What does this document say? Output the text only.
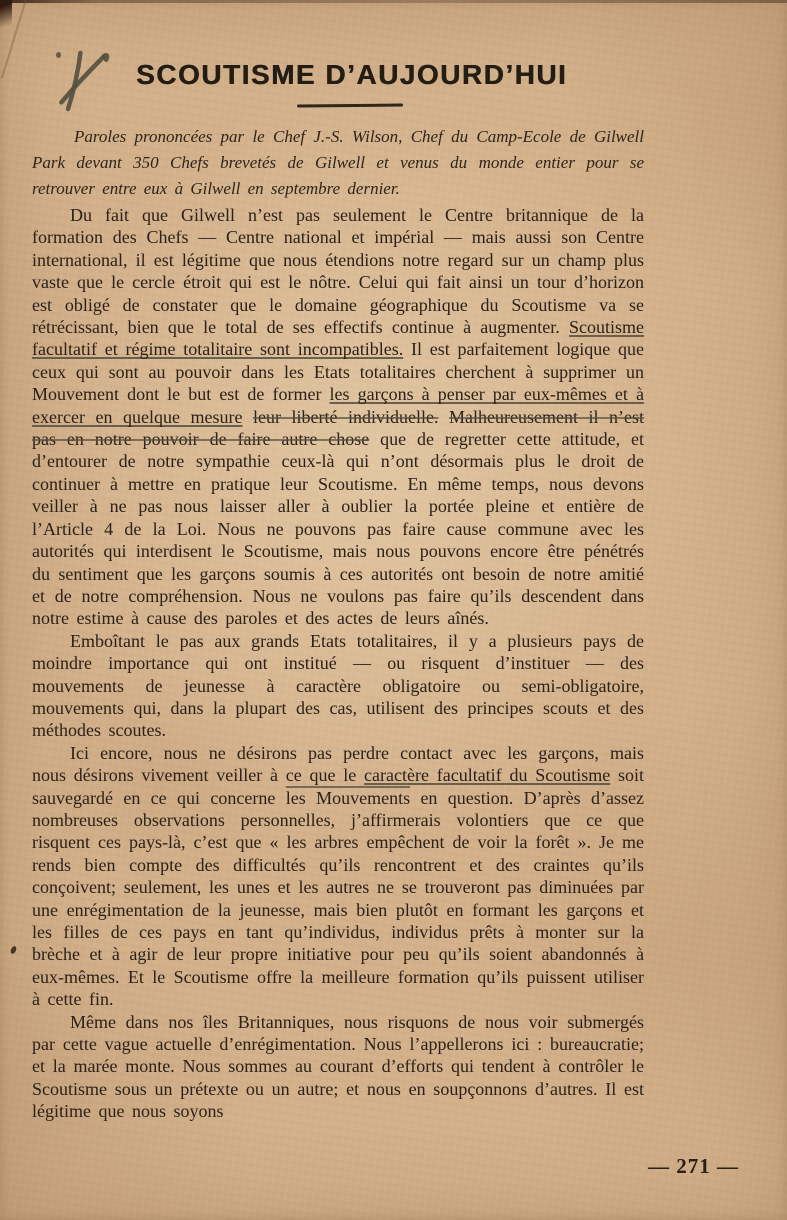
SCOUTISME D’AUJOURD’HUI

Paroles prononcées par le Chef J.-S. Wilson, Chef du Camp-Ecole de Gilwell Park devant 350 Chefs brevetés de Gilwell et venus du monde entier pour se retrouver entre eux à Gilwell en septembre dernier.

Du fait que Gilwell n’est pas seulement le Centre britannique de la formation des Chefs — Centre national et impérial — mais aussi son Centre international, il est légitime que nous étendions notre regard sur un champ plus vaste que le cercle étroit qui est le nôtre. Celui qui fait ainsi un tour d’horizon est obligé de constater que le domaine géographique du Scoutisme va se rétrécissant, bien que le total de ses effectifs continue à augmenter. Scoutisme facultatif et régime totalitaire sont incompatibles. Il est parfaitement logique que ceux qui sont au pouvoir dans les Etats totalitaires cherchent à supprimer un Mouvement dont le but est de former les garçons à penser par eux-mêmes et à exercer en quelque mesure leur liberté individuelle. Malheureusement il n’est pas en notre pouvoir de faire autre chose que de regretter cette attitude, et d’entourer de notre sympathie ceux-là qui n’ont désormais plus le droit de continuer à mettre en pratique leur Scoutisme. En même temps, nous devons veiller à ne pas nous laisser aller à oublier la portée pleine et entière de l’Article 4 de la Loi. Nous ne pouvons pas faire cause commune avec les autorités qui interdisent le Scoutisme, mais nous pouvons encore être pénétrés du sentiment que les garçons soumis à ces autorités ont besoin de notre amitié et de notre compréhension. Nous ne voulons pas faire qu’ils descendent dans notre estime à cause des paroles et des actes de leurs aînés.

Emboîtant le pas aux grands Etats totalitaires, il y a plusieurs pays de moindre importance qui ont institué — ou risquent d’instituer — des mouvements de jeunesse à caractère obligatoire ou semi-obligatoire, mouvements qui, dans la plupart des cas, utilisent des principes scouts et des méthodes scoutes.

Ici encore, nous ne désirons pas perdre contact avec les garçons, mais nous désirons vivement veiller à ce que le caractère facultatif du Scoutisme soit sauvegardé en ce qui concerne les Mouvements en question. D’après d’assez nombreuses observations personnelles, j’affirmerais volontiers que ce que risquent ces pays-là, c’est que « les arbres empêchent de voir la forêt ». Je me rends bien compte des difficultés qu’ils rencontrent et des craintes qu’ils conçoivent; seulement, les unes et les autres ne se trouveront pas diminuées par une enrégimentation de la jeunesse, mais bien plutôt en formant les garçons et les filles de ces pays en tant qu’individus, individus prêts à monter sur la brèche et à agir de leur propre initiative pour peu qu’ils soient abandonnés à eux-mêmes. Et le Scoutisme offre la meilleure formation qu’ils puissent utiliser à cette fin.

Même dans nos îles Britanniques, nous risquons de nous voir submergés par cette vague actuelle d’enrégimentation. Nous l’appellerons ici : bureaucratie; et la marée monte. Nous sommes au courant d’efforts qui tendent à contrôler le Scoutisme sous un prétexte ou un autre; et nous en soupçonnons d’autres. Il est légitime que nous soyons

— 271 —
